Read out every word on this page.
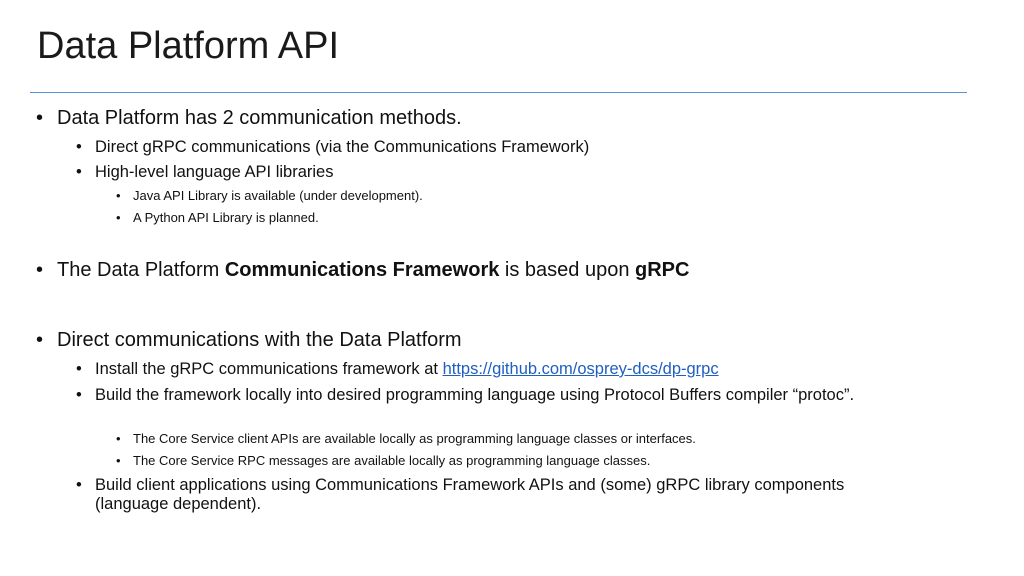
Data Platform API
• Data Platform has 2 communication methods.
• Direct gRPC communications (via the Communications Framework)
• High-level language API libraries
• Java API Library is available (under development).
• A Python API Library is planned.
• The Data Platform Communications Framework is based upon gRPC
• Direct communications with the Data Platform
• Install the gRPC communications framework at https://github.com/osprey-dcs/dp-grpc
• Build the framework locally into desired programming language using Protocol Buffers compiler “protoc”.
• The Core Service client APIs are available locally as programming language classes or interfaces.
• The Core Service RPC messages are available locally as programming language classes.
• Build client applications using Communications Framework APIs and (some) gRPC library components (language dependent).
